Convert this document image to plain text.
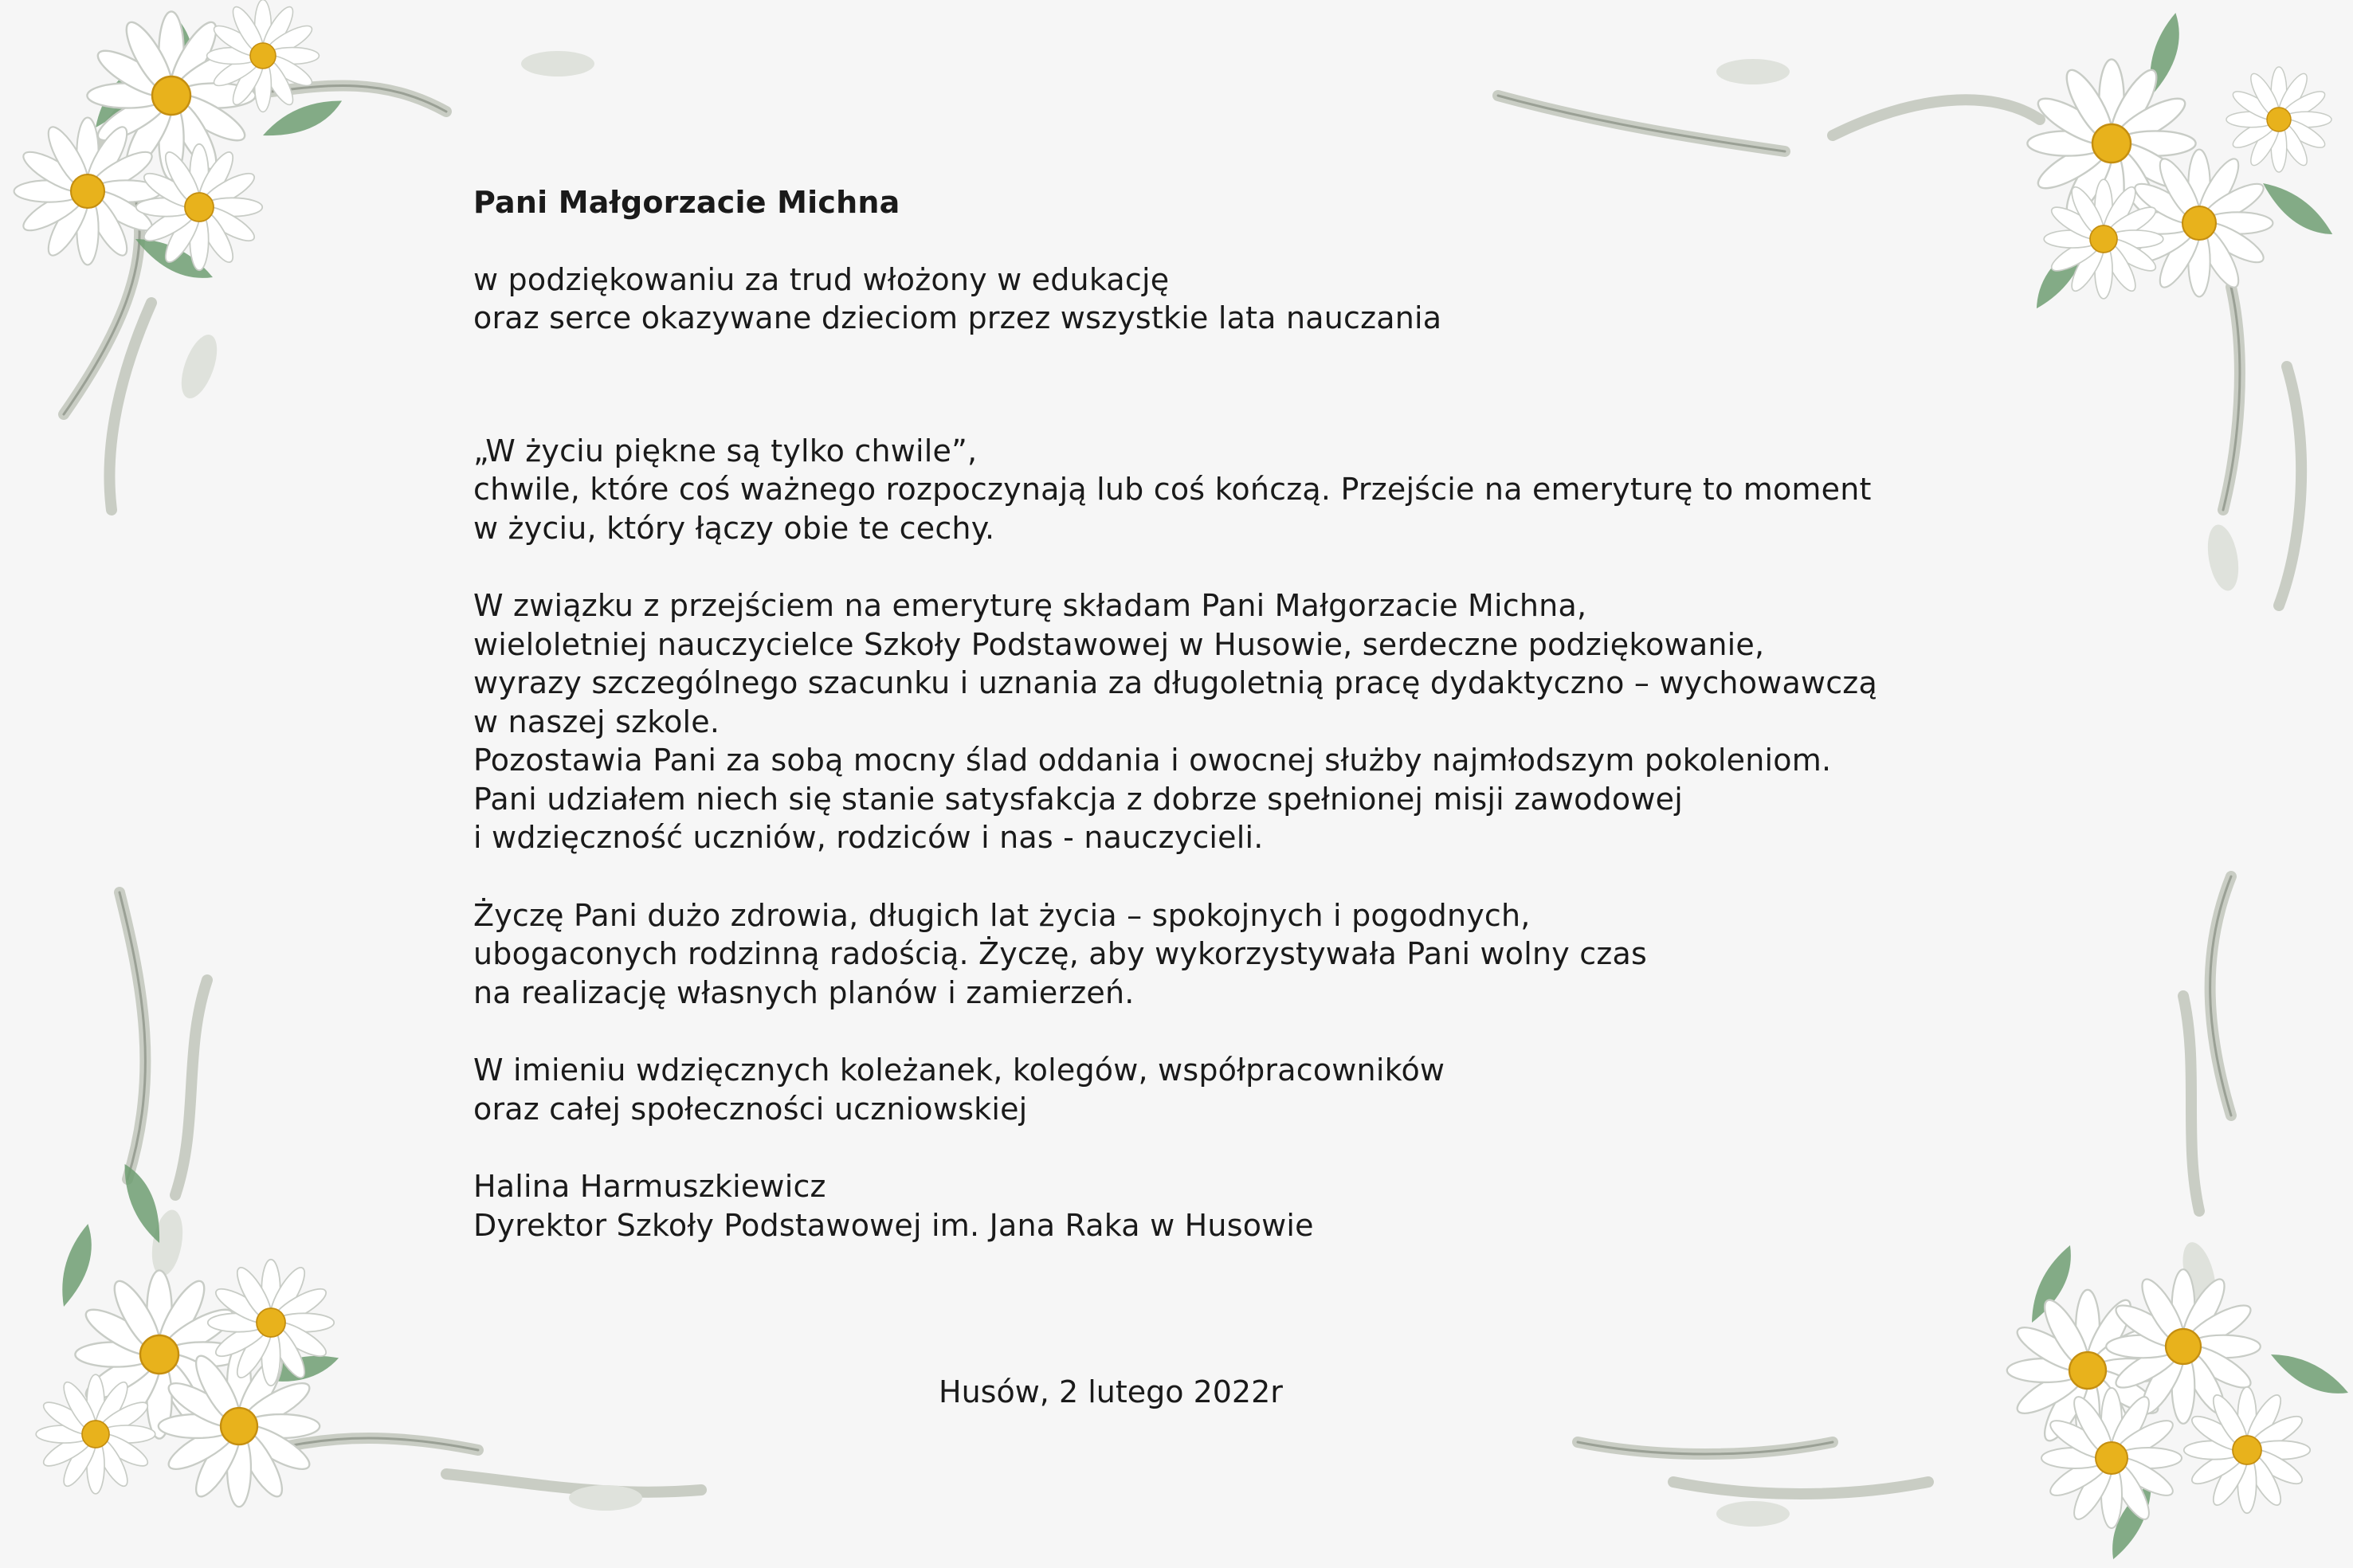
Pani Małgorzacie Michna

w podziękowaniu za trud włożony w edukację

oraz serce okazywane dzieciom przez wszystkie lata nauczania

„W życiu piękne są tylko chwile”,

chwile, które coś ważnego rozpoczynają lub coś kończą. Przejście na emeryturę to moment

w życiu, który łączy obie te cechy.

W związku z przejściem na emeryturę składam Pani Małgorzacie Michna,

wieloletniej nauczycielce Szkoły Podstawowej w Husowie, serdeczne podziękowanie,

wyrazy szczególnego szacunku i uznania za długoletnią pracę dydaktyczno – wychowawczą

w naszej szkole.

Pozostawia Pani za sobą mocny ślad oddania i owocnej służby najmłodszym pokoleniom.

Pani udziałem niech się stanie satysfakcja z dobrze spełnionej misji zawodowej

i wdzięczność uczniów, rodziców i nas - nauczycieli.

Życzę Pani dużo zdrowia, długich lat życia – spokojnych i pogodnych,

ubogaconych rodzinną radością. Życzę, aby wykorzystywała Pani wolny czas

na realizację własnych planów i zamierzeń.

W imieniu wdzięcznych koleżanek, kolegów, współpracowników

oraz całej społeczności uczniowskiej

Halina Harmuszkiewicz

Dyrektor Szkoły Podstawowej im. Jana Raka w Husowie

Husów, 2 lutego 2022r
